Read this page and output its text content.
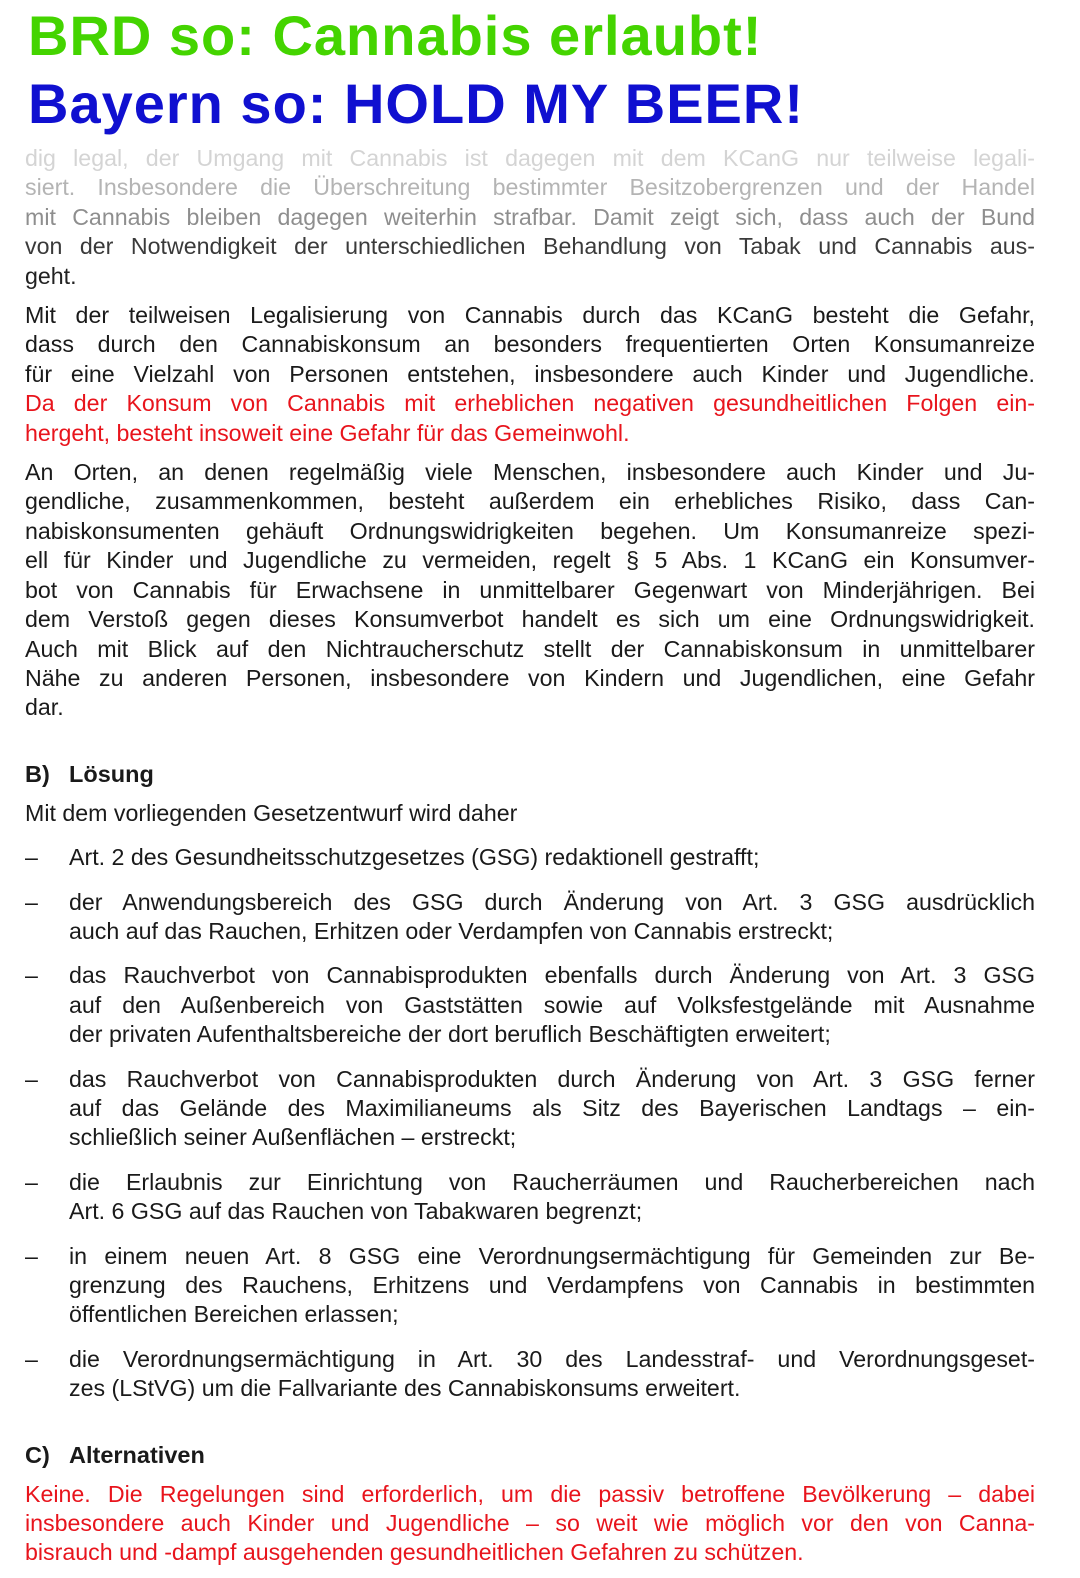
BRD so: Cannabis erlaubt!
Bayern so: HOLD MY BEER!
dig legal, der Umgang mit Cannabis ist dagegen mit dem KCanG nur teilweise legali-
siert. Insbesondere die Überschreitung bestimmter Besitzobergrenzen und der Handel
mit Cannabis bleiben dagegen weiterhin strafbar. Damit zeigt sich, dass auch der Bund
von der Notwendigkeit der unterschiedlichen Behandlung von Tabak und Cannabis aus-
geht.
Mit der teilweisen Legalisierung von Cannabis durch das KCanG besteht die Gefahr,
dass durch den Cannabiskonsum an besonders frequentierten Orten Konsumanreize
für eine Vielzahl von Personen entstehen, insbesondere auch Kinder und Jugendliche.
Da der Konsum von Cannabis mit erheblichen negativen gesundheitlichen Folgen ein-
hergeht, besteht insoweit eine Gefahr für das Gemeinwohl.
An Orten, an denen regelmäßig viele Menschen, insbesondere auch Kinder und Ju-
gendliche, zusammenkommen, besteht außerdem ein erhebliches Risiko, dass Can-
nabiskonsumenten gehäuft Ordnungswidrigkeiten begehen. Um Konsumanreize spezi-
ell für Kinder und Jugendliche zu vermeiden, regelt § 5 Abs. 1 KCanG ein Konsumver-
bot von Cannabis für Erwachsene in unmittelbarer Gegenwart von Minderjährigen. Bei
dem Verstoß gegen dieses Konsumverbot handelt es sich um eine Ordnungswidrigkeit.
Auch mit Blick auf den Nichtraucherschutz stellt der Cannabiskonsum in unmittelbarer
Nähe zu anderen Personen, insbesondere von Kindern und Jugendlichen, eine Gefahr
dar.
B) Lösung
Mit dem vorliegenden Gesetzentwurf wird daher
– Art. 2 des Gesundheitsschutzgesetzes (GSG) redaktionell gestrafft;
– der Anwendungsbereich des GSG durch Änderung von Art. 3 GSG ausdrücklich
auch auf das Rauchen, Erhitzen oder Verdampfen von Cannabis erstreckt;
– das Rauchverbot von Cannabisprodukten ebenfalls durch Änderung von Art. 3 GSG
auf den Außenbereich von Gaststätten sowie auf Volksfestgelände mit Ausnahme
der privaten Aufenthaltsbereiche der dort beruflich Beschäftigten erweitert;
– das Rauchverbot von Cannabisprodukten durch Änderung von Art. 3 GSG ferner
auf das Gelände des Maximilianeums als Sitz des Bayerischen Landtags – ein-
schließlich seiner Außenflächen – erstreckt;
– die Erlaubnis zur Einrichtung von Raucherräumen und Raucherbereichen nach
Art. 6 GSG auf das Rauchen von Tabakwaren begrenzt;
– in einem neuen Art. 8 GSG eine Verordnungsermächtigung für Gemeinden zur Be-
grenzung des Rauchens, Erhitzens und Verdampfens von Cannabis in bestimmten
öffentlichen Bereichen erlassen;
– die Verordnungsermächtigung in Art. 30 des Landesstraf- und Verordnungsgeset-
zes (LStVG) um die Fallvariante des Cannabiskonsums erweitert.
C) Alternativen
Keine. Die Regelungen sind erforderlich, um die passiv betroffene Bevölkerung – dabei
insbesondere auch Kinder und Jugendliche – so weit wie möglich vor den von Canna-
bisrauch und -dampf ausgehenden gesundheitlichen Gefahren zu schützen.
